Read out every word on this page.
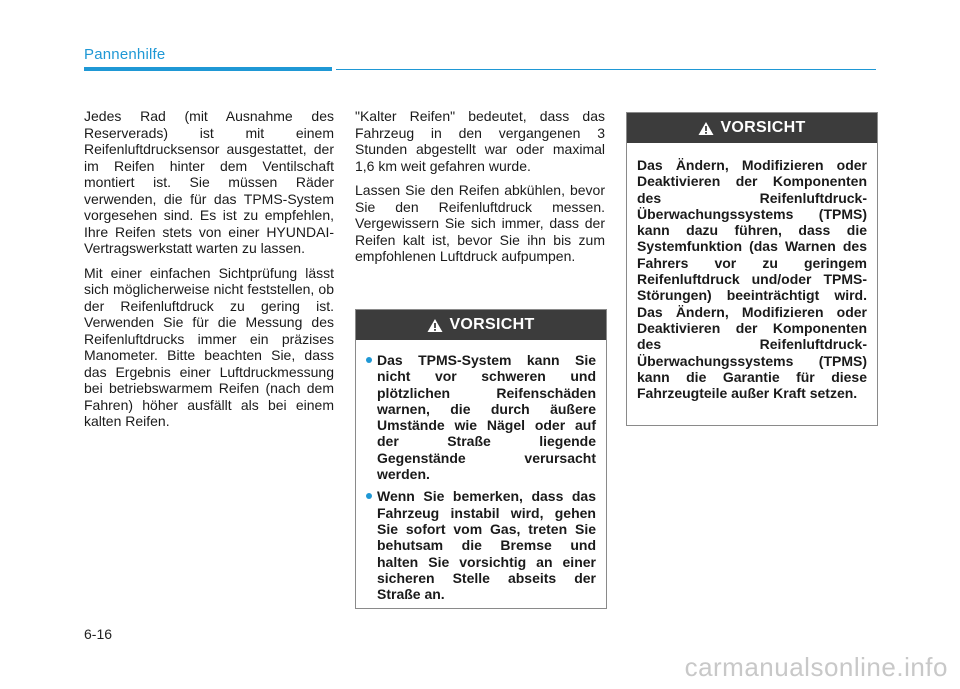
Pannenhilfe

Jedes Rad (mit Ausnahme des Reserverads) ist mit einem Reifenluftdrucksensor ausgestattet, der im Reifen hinter dem Ventilschaft montiert ist. Sie müssen Räder verwenden, die für das TPMS-System vorgesehen sind. Es ist zu empfehlen, Ihre Reifen stets von einer HYUNDAI-Vertragswerkstatt warten zu lassen.

Mit einer einfachen Sichtprüfung lässt sich möglicherweise nicht feststellen, ob der Reifenluftdruck zu gering ist. Verwenden Sie für die Messung des Reifenluftdrucks immer ein präzises Manometer. Bitte beachten Sie, dass das Ergebnis einer Luftdruckmessung bei betriebswarmem Reifen (nach dem Fahren) höher ausfällt als bei einem kalten Reifen.

"Kalter Reifen" bedeutet, dass das Fahrzeug in den vergangenen 3 Stunden abgestellt war oder maximal 1,6 km weit gefahren wurde.

Lassen Sie den Reifen abkühlen, bevor Sie den Reifenluftdruck messen. Vergewissern Sie sich immer, dass der Reifen kalt ist, bevor Sie ihn bis zum empfohlenen Luftdruck aufpumpen.

VORSICHT
Das TPMS-System kann Sie nicht vor schweren und plötzlichen Reifenschäden warnen, die durch äußere Umstände wie Nägel oder auf der Straße liegende Gegenstände verursacht werden.
Wenn Sie bemerken, dass das Fahrzeug instabil wird, gehen Sie sofort vom Gas, treten Sie behutsam die Bremse und halten Sie vorsichtig an einer sicheren Stelle abseits der Straße an.
VORSICHT
Das Ändern, Modifizieren oder Deaktivieren der Komponenten des Reifenluftdruck-Überwachungssystems (TPMS) kann dazu führen, dass die Systemfunktion (das Warnen des Fahrers vor zu geringem Reifenluftdruck und/oder TPMS-Störungen) beeinträchtigt wird. Das Ändern, Modifizieren oder Deaktivieren der Komponenten des Reifenluftdruck-Überwachungssystems (TPMS) kann die Garantie für diese Fahrzeugteile außer Kraft setzen.
6-16
carmanualsonline.info
